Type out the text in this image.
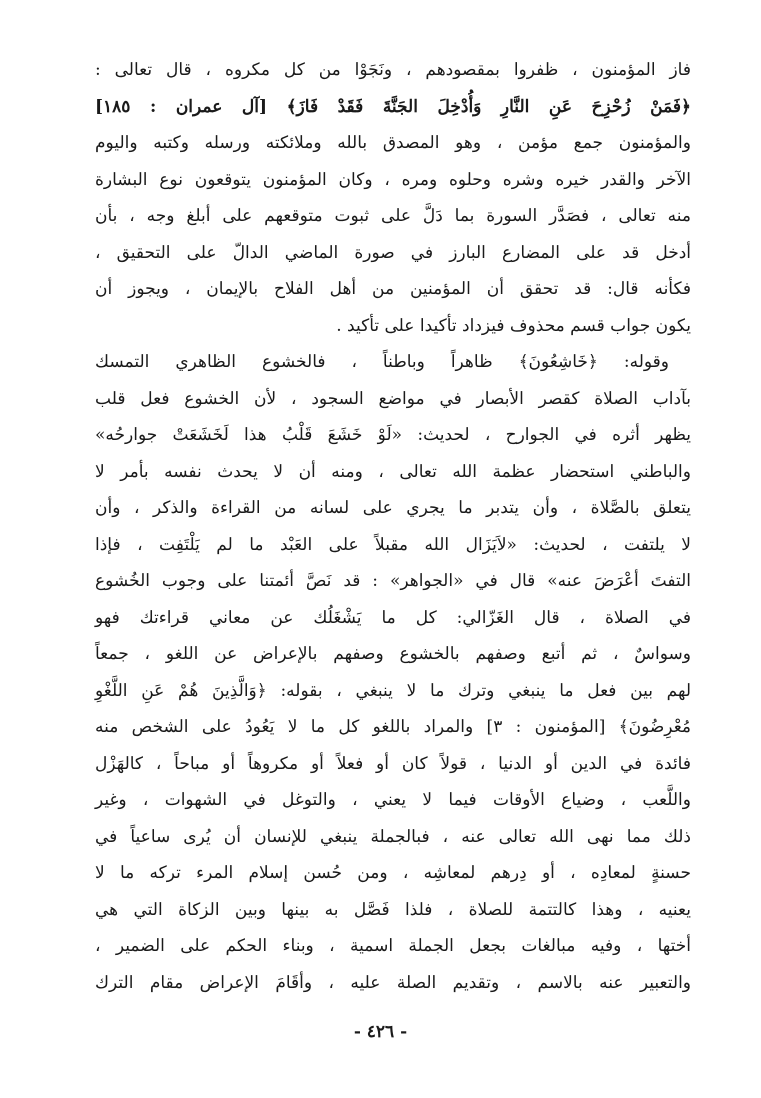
فاز المؤمنون ، ظفروا بمقصودهم ، ونَجَوْا من كل مكروه ، قال تعالى :
﴿فَمَنْ زُحْزِحَ عَنِ النَّارِ وَأُدْخِلَ الجَنَّةَ فَقَدْ فَازَ﴾ [آل عمران : ١٨٥]
والمؤمنون جمع مؤمن ، وهو المصدق بالله وملائكته ورسله وكتبه واليوم
الآخر والقدر خيره وشره وحلوه ومره ، وكان المؤمنون يتوقعون نوع البشارة
منه تعالى ، فصَدَّر السورة بما دَلَّ على ثبوت متوقعهم على أبلغ وجه ، بأن
أدخل قد على المضارع البارز في صورة الماضي الدالّ على التحقيق ،
فكأنه قال: قد تحقق أن المؤمنين من أهل الفلاح بالإيمان ، ويجوز أن
يكون جواب قسم محذوف فيزداد تأكيدا على تأكيد .
وقوله: ﴿خَاشِعُونَ﴾ ظاهراً وباطناً ، فالخشوع الظاهري التمسك
بآداب الصلاة كقصر الأبصار في مواضع السجود ، لأن الخشوع فعل قلب
يظهر أثره في الجوارح ، لحديث: «لَوْ خَشَعَ قَلْبُ هذا لَخَشَعَتْ جوارحُه»
والباطني استحضار عظمة الله تعالى ، ومنه أن لا يحدث نفسه بأمر لا
يتعلق بالصَّلاة ، وأن يتدبر ما يجري على لسانه من القراءة والذكر ، وأن
لا يلتفت ، لحديث: «لاَيَزَال الله مقبلاً على العَبْد ما لم يَلْتَفِت ، فإذا
التفتَ أعْرَضَ عنه» قال في «الجواهر» : قد نَصَّ أئمتنا على وجوب الخُشوع
في الصلاة ، قال الغَزّالي: كل ما يَشْغَلُك عن معاني قراءتك فهو
وسواسٌ ، ثم أتبع وصفهم بالخشوع وصفهم بالإعراض عن اللغو ، جمعاً
لهم بين فعل ما ينبغي وترك ما لا ينبغي ، بقوله: ﴿وَالَّذِينَ هُمْ عَنِ اللَّغْوِ
مُعْرِضُونَ﴾ [المؤمنون : ٣] والمراد باللغو كل ما لا يَعُودُ على الشخص منه
فائدة في الدين أو الدنيا ، قولاً كان أو فعلاً أو مكروهاً أو مباحاً ، كالهَزْل
واللَّعب ، وضياع الأوقات فيما لا يعني ، والتوغل في الشهوات ، وغير
ذلك مما نهى الله تعالى عنه ، فبالجملة ينبغي للإنسان أن يُرى ساعياً في
حسنةٍ لمعادِه ، أو دِرهم لمعاشِه ، ومن حُسن إسلام المرء تركه ما لا
يعنيه ، وهذا كالتتمة للصلاة ، فلذا فَصَّل به بينها وبين الزكاة التي هي
أختها ، وفيه مبالغات بجعل الجملة اسمية ، وبناء الحكم على الضمير ،
والتعبير عنه بالاسم ، وتقديم الصلة عليه ، وأقَامَ الإعراض مقام الترك
- ٤٢٦ -
